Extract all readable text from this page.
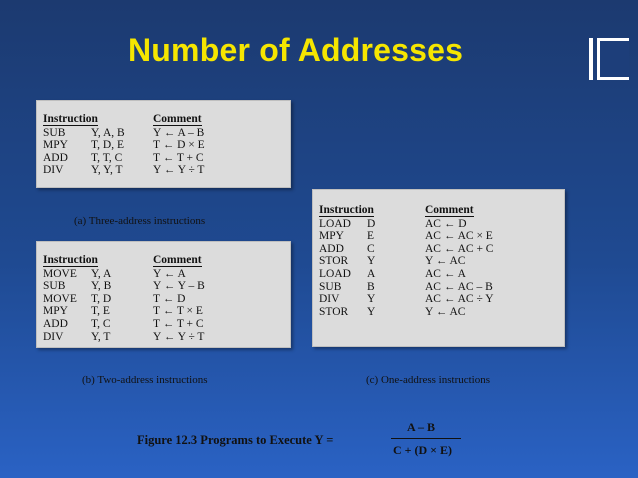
Number of Addresses
Instruction		Comment
SUB	Y, A, B	Y ← A – B
MPY	T, D, E	T ← D × E
ADD	T, T, C	T ← T + C
DIV	Y, Y, T	Y ← Y ÷ T
(a) Three-address instructions
Instruction		Comment
MOVE	Y, A	Y ← A
SUB	Y, B	Y ← Y – B
MOVE	T, D	T ← D
MPY	T, E	T ← T × E
ADD	T, C	T ← T + C
DIV	Y, T	Y ← Y ÷ T
(b) Two-address instructions
Instruction		Comment
LOAD	D	AC ← D
MPY	E	AC ← AC × E
ADD	C	AC ← AC + C
STOR	Y	Y ← AC
LOAD	A	AC ← A
SUB	B	AC ← AC – B
DIV	Y	AC ← AC ÷ Y
STOR	Y	Y ← AC
(c) One-address instructions
Figure 12.3 Programs to Execute Y =
A – B
C + (D × E)
